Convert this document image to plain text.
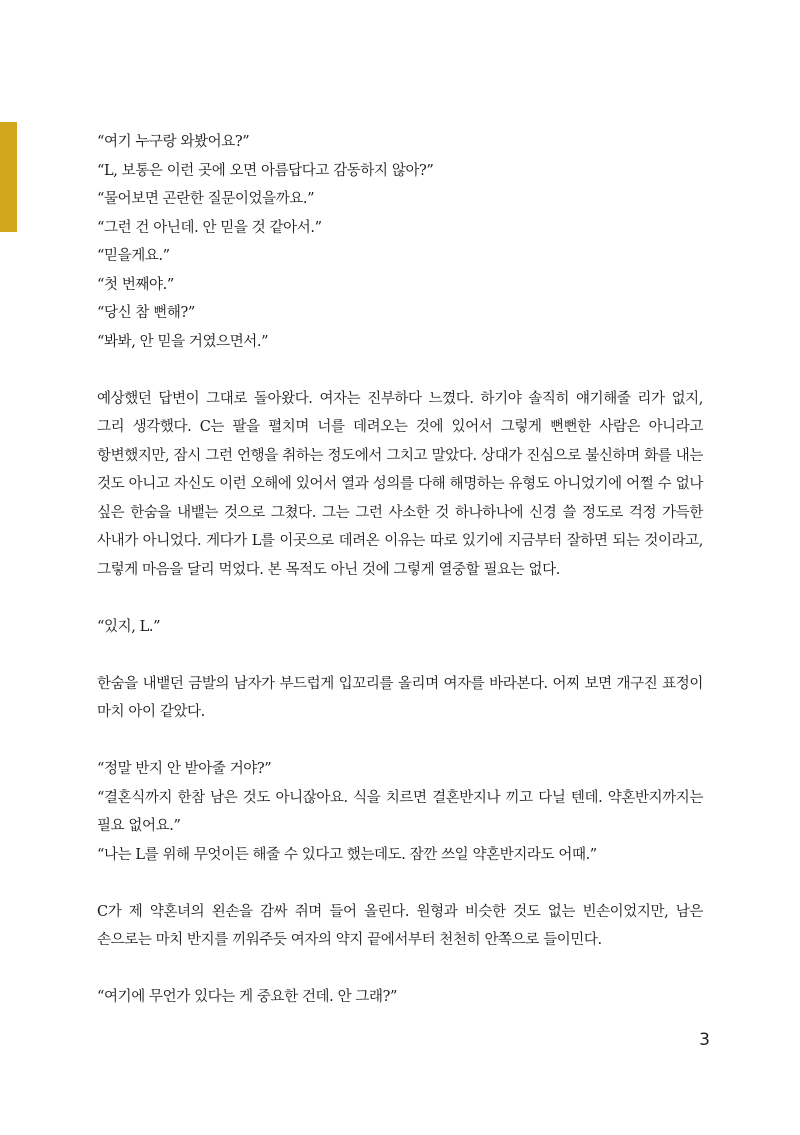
“여기 누구랑 와봤어요?”

“L, 보통은 이런 곳에 오면 아름답다고 감동하지 않아?”

“물어보면 곤란한 질문이었을까요.”

“그런 건 아닌데. 안 믿을 것 같아서.”

“믿을게요.”

“첫 번째야.”

“당신 참 뻔해?”

“봐봐, 안 믿을 거였으면서.”

예상했던 답변이 그대로 돌아왔다. 여자는 진부하다 느꼈다. 하기야 솔직히 얘기해줄 리가 없지, 그리 생각했다. C는 팔을 펼치며 너를 데려오는 것에 있어서 그렇게 뻔뻔한 사람은 아니라고 항변했지만, 잠시 그런 언행을 취하는 정도에서 그치고 말았다. 상대가 진심으로 불신하며 화를 내는 것도 아니고 자신도 이런 오해에 있어서 열과 성의를 다해 해명하는 유형도 아니었기에 어쩔 수 없나 싶은 한숨을 내뱉는 것으로 그쳤다. 그는 그런 사소한 것 하나하나에 신경 쓸 정도로 걱정 가득한 사내가 아니었다. 게다가 L를 이곳으로 데려온 이유는 따로 있기에 지금부터 잘하면 되는 것이라고, 그렇게 마음을 달리 먹었다. 본 목적도 아닌 것에 그렇게 열중할 필요는 없다.

“있지, L.”

한숨을 내뱉던 금발의 남자가 부드럽게 입꼬리를 올리며 여자를 바라본다. 어찌 보면 개구진 표정이 마치 아이 같았다.

“정말 반지 안 받아줄 거야?”

“결혼식까지 한참 남은 것도 아니잖아요. 식을 치르면 결혼반지나 끼고 다닐 텐데. 약혼반지까지는 필요 없어요.”

“나는 L를 위해 무엇이든 해줄 수 있다고 했는데도. 잠깐 쓰일 약혼반지라도 어때.”

C가 제 약혼녀의 왼손을 감싸 쥐며 들어 올린다. 원형과 비슷한 것도 없는 빈손이었지만, 남은 손으로는 마치 반지를 끼워주듯 여자의 약지 끝에서부터 천천히 안쪽으로 들이민다.

“여기에 무언가 있다는 게 중요한 건데. 안 그래?”

3
